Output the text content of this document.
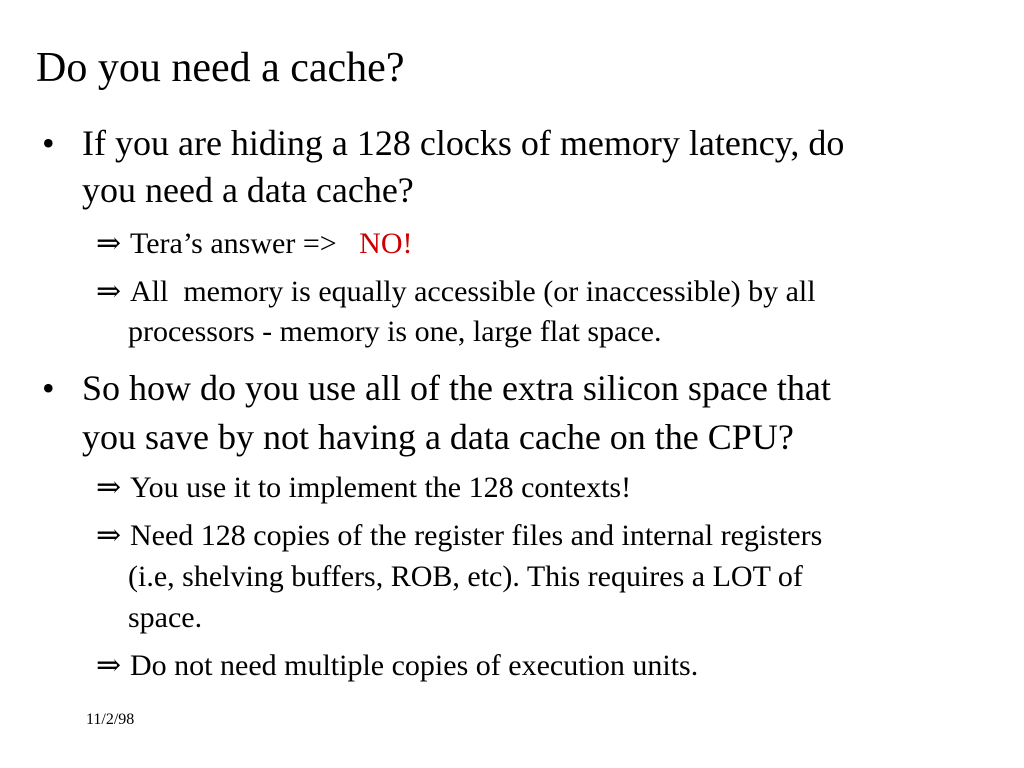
Do you need a cache?
• If you are hiding a 128 clocks of memory latency, do
you need a data cache?
⇒ Tera’s answer =>   NO!
⇒ All  memory is equally accessible (or inaccessible) by all
processors - memory is one, large flat space.
• So how do you use all of the extra silicon space that
you save by not having a data cache on the CPU?
⇒ You use it to implement the 128 contexts!
⇒ Need 128 copies of the register files and internal registers
(i.e, shelving buffers, ROB, etc). This requires a LOT of
space.
⇒ Do not need multiple copies of execution units.
11/2/98
